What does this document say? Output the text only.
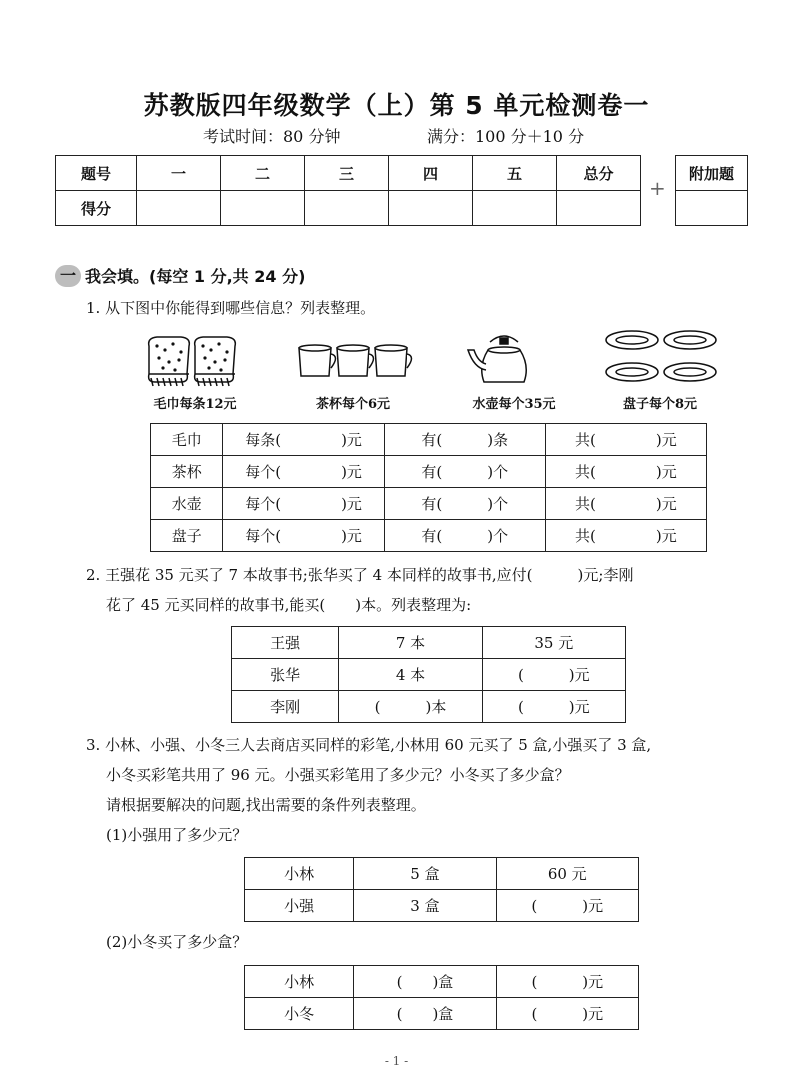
苏教版四年级数学（上）第 5 单元检测卷一
考试时间：80 分钟	满分：100 分＋10 分
题号	一	二	三	四	五	总分
得分						
+
附加题

一 我会填。(每空 1 分,共 24 分)
1. 从下图中你能得到哪些信息？列表整理。
毛巾每条12元	茶杯每个6元	水壶每个35元	盘子每个8元
毛巾	每条(　　　　)元	有(　　　)条	共(　　　　)元
茶杯	每个(　　　　)元	有(　　　)个	共(　　　　)元
水壶	每个(　　　　)元	有(　　　)个	共(　　　　)元
盘子	每个(　　　　)元	有(　　　)个	共(　　　　)元
2. 王强花 35 元买了 7 本故事书;张华买了 4 本同样的故事书,应付(　　　)元;李刚
花了 45 元买同样的故事书,能买(　　)本。列表整理为:
王强	7 本	35 元
张华	4 本	(　　　)元
李刚	(　　　)本	(　　　)元
3. 小林、小强、小冬三人去商店买同样的彩笔,小林用 60 元买了 5 盒,小强买了 3 盒,
小冬买彩笔共用了 96 元。小强买彩笔用了多少元？小冬买了多少盒？
请根据要解决的问题,找出需要的条件列表整理。
(1)小强用了多少元？
小林	5 盒	60 元
小强	3 盒	(　　　)元
(2)小冬买了多少盒？
小林	(　　)盒	(　　　)元
小冬	(　　)盒	(　　　)元
- 1 -
